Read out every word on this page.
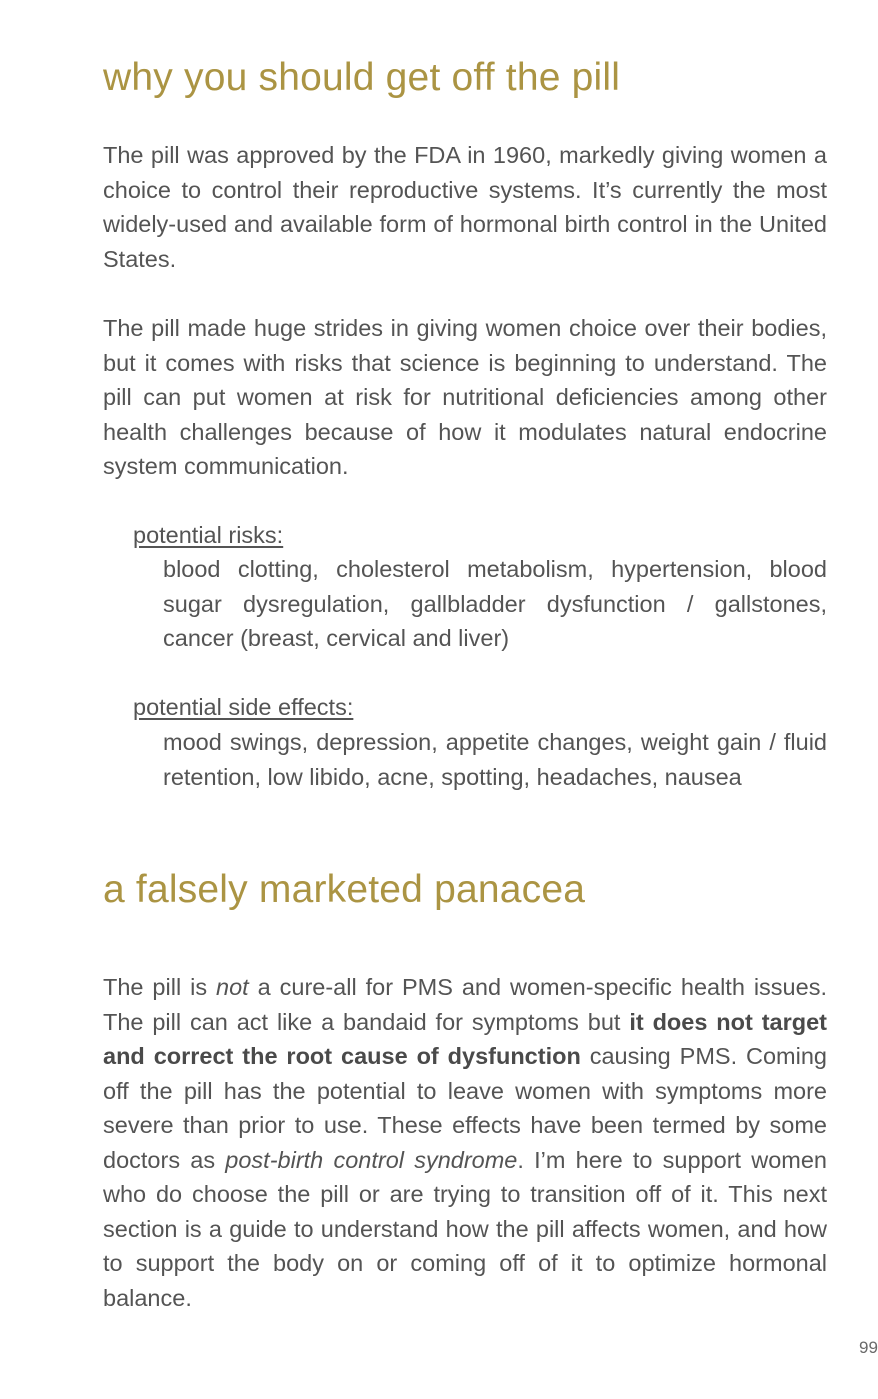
why you should get off the pill

The pill was approved by the FDA in 1960, markedly giving women a choice to control their reproductive systems. It’s currently the most widely-used and available form of hormonal birth control in the United States.

The pill made huge strides in giving women choice over their bodies, but it comes with risks that science is beginning to understand. The pill can put women at risk for nutritional deficiencies among other health challenges because of how it modulates natural endocrine system communication.

potential risks:

blood clotting, cholesterol metabolism, hypertension, blood sugar dysregulation, gallbladder dysfunction / gallstones, cancer (breast, cervical and liver)

potential side effects:

mood swings, depression, appetite changes, weight gain / fluid retention, low libido, acne, spotting, headaches, nausea

a falsely marketed panacea

The pill is not a cure-all for PMS and women-specific health issues. The pill can act like a bandaid for symptoms but it does not target and correct the root cause of dysfunction causing PMS. Coming off the pill has the potential to leave women with symptoms more severe than prior to use. These effects have been termed by some doctors as post-birth control syndrome. I’m here to support women who do choose the pill or are trying to transition off of it. This next section is a guide to understand how the pill affects women, and how to support the body on or coming off of it to optimize hormonal balance.

99
